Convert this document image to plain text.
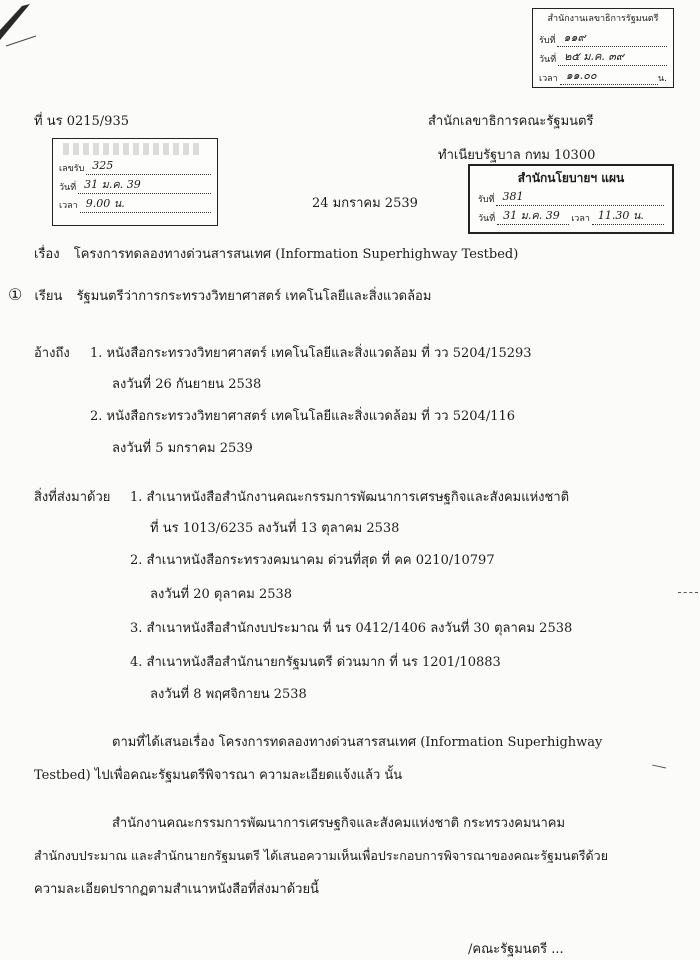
สำนักงานเลขาธิการรัฐมนตรี
รับที่ ๑๑๙
วันที่ ๒๕ ม.ค. ๓๙
เวลา ๑๑.๐๐	น.
ที่ นร 0215/935	สำนักเลขาธิการคณะรัฐมนตรี
ทำเนียบรัฐบาล กทม 10300
เลขรับ 325
วันที่ 31 ม.ค. 39
เวลา 9.00 น.	24 มกราคม 2539
สำนักนโยบายฯ แผน
รับที่ 381
วันที่ 31 ม.ค. 39	เวลา 11.30 น.
เรื่อง โครงการทดลองทางด่วนสารสนเทศ (Information Superhighway Testbed)
① เรียน รัฐมนตรีว่าการกระทรวงวิทยาศาสตร์ เทคโนโลยีและสิ่งแวดล้อม
อ้างถึง 1. หนังสือกระทรวงวิทยาศาสตร์ เทคโนโลยีและสิ่งแวดล้อม ที่ วว 5204/15293
ลงวันที่ 26 กันยายน 2538
2. หนังสือกระทรวงวิทยาศาสตร์ เทคโนโลยีและสิ่งแวดล้อม ที่ วว 5204/116
ลงวันที่ 5 มกราคม 2539
สิ่งที่ส่งมาด้วย 1. สำเนาหนังสือสำนักงานคณะกรรมการพัฒนาการเศรษฐกิจและสังคมแห่งชาติ
ที่ นร 1013/6235 ลงวันที่ 13 ตุลาคม 2538
2. สำเนาหนังสือกระทรวงคมนาคม ด่วนที่สุด ที่ คค 0210/10797
ลงวันที่ 20 ตุลาคม 2538
3. สำเนาหนังสือสำนักงบประมาณ ที่ นร 0412/1406 ลงวันที่ 30 ตุลาคม 2538
4. สำเนาหนังสือสำนักนายกรัฐมนตรี ด่วนมาก ที่ นร 1201/10883
ลงวันที่ 8 พฤศจิกายน 2538
ตามที่ได้เสนอเรื่อง โครงการทดลองทางด่วนสารสนเทศ (Information Superhighway
Testbed) ไปเพื่อคณะรัฐมนตรีพิจารณา ความละเอียดแจ้งแล้ว นั้น
สำนักงานคณะกรรมการพัฒนาการเศรษฐกิจและสังคมแห่งชาติ กระทรวงคมนาคม
สำนักงบประมาณ และสำนักนายกรัฐมนตรี ได้เสนอความเห็นเพื่อประกอบการพิจารณาของคณะรัฐมนตรีด้วย
ความละเอียดปรากฏตามสำเนาหนังสือที่ส่งมาด้วยนี้
/คณะรัฐมนตรี ...
